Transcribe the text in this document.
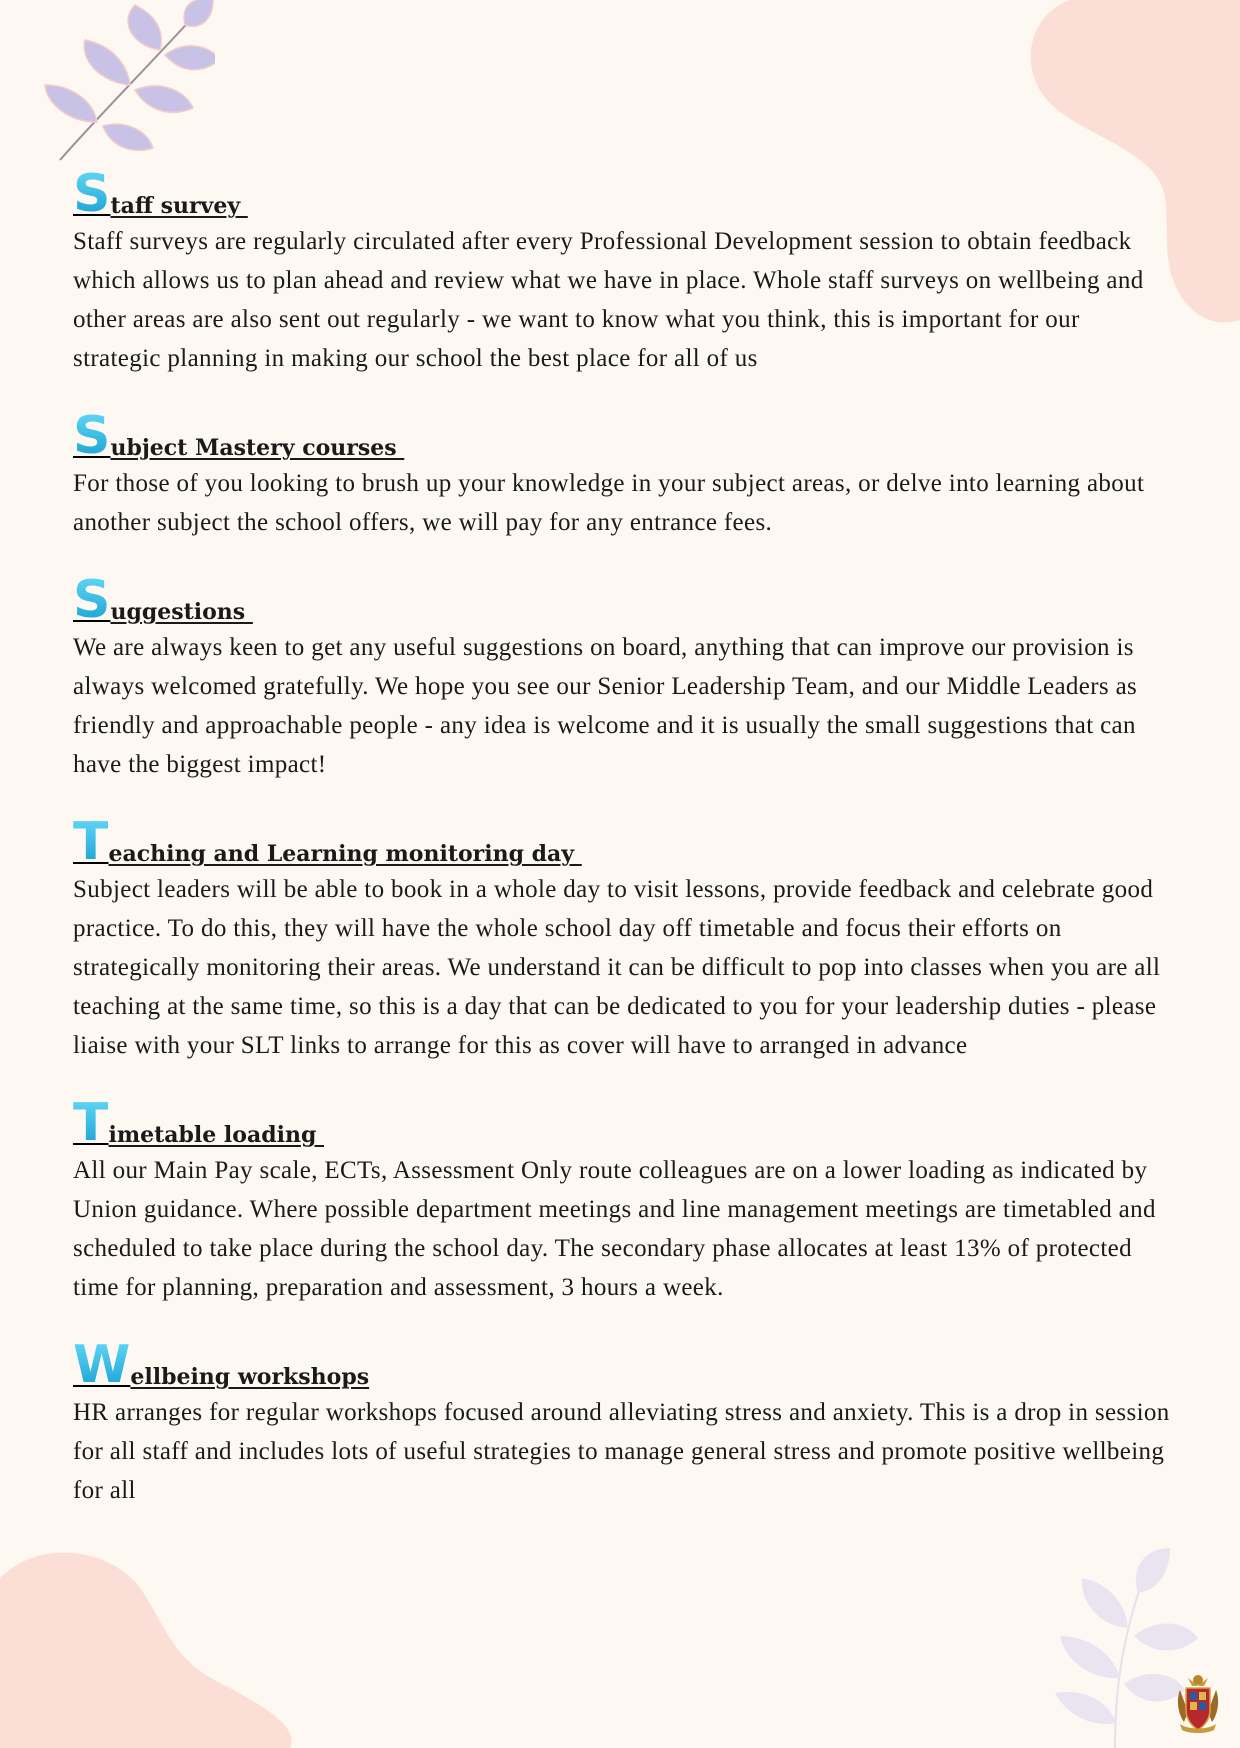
S taff survey

Staff surveys are regularly circulated after every Professional Development session to obtain feedback which allows us to plan ahead and review what we have in place. Whole staff surveys on wellbeing and other areas are also sent out regularly - we want to know what you think, this is important for our strategic planning in making our school the best place for all of us

S ubject Mastery courses

For those of you looking to brush up your knowledge in your subject areas, or delve into learning about another subject the school offers, we will pay for any entrance fees.

S uggestions

We are always keen to get any useful suggestions on board, anything that can improve our provision is always welcomed gratefully. We hope you see our Senior Leadership Team, and our Middle Leaders as friendly and approachable people - any idea is welcome and it is usually the small suggestions that can have the biggest impact!

T eaching and Learning monitoring day

Subject leaders will be able to book in a whole day to visit lessons, provide feedback and celebrate good practice. To do this, they will have the whole school day off timetable and focus their efforts on strategically monitoring their areas. We understand it can be difficult to pop into classes when you are all teaching at the same time, so this is a day that can be dedicated to you for your leadership duties - please liaise with your SLT links to arrange for this as cover will have to arranged in advance

T imetable loading

All our Main Pay scale, ECTs, Assessment Only route colleagues are on a lower loading as indicated by Union guidance. Where possible department meetings and line management meetings are timetabled and scheduled to take place during the school day. The secondary phase allocates at least 13% of protected time for planning, preparation and assessment, 3 hours a week.

W ellbeing workshops

HR arranges for regular workshops focused around alleviating stress and anxiety. This is a drop in session for all staff and includes lots of useful strategies to manage general stress and promote positive wellbeing for all
